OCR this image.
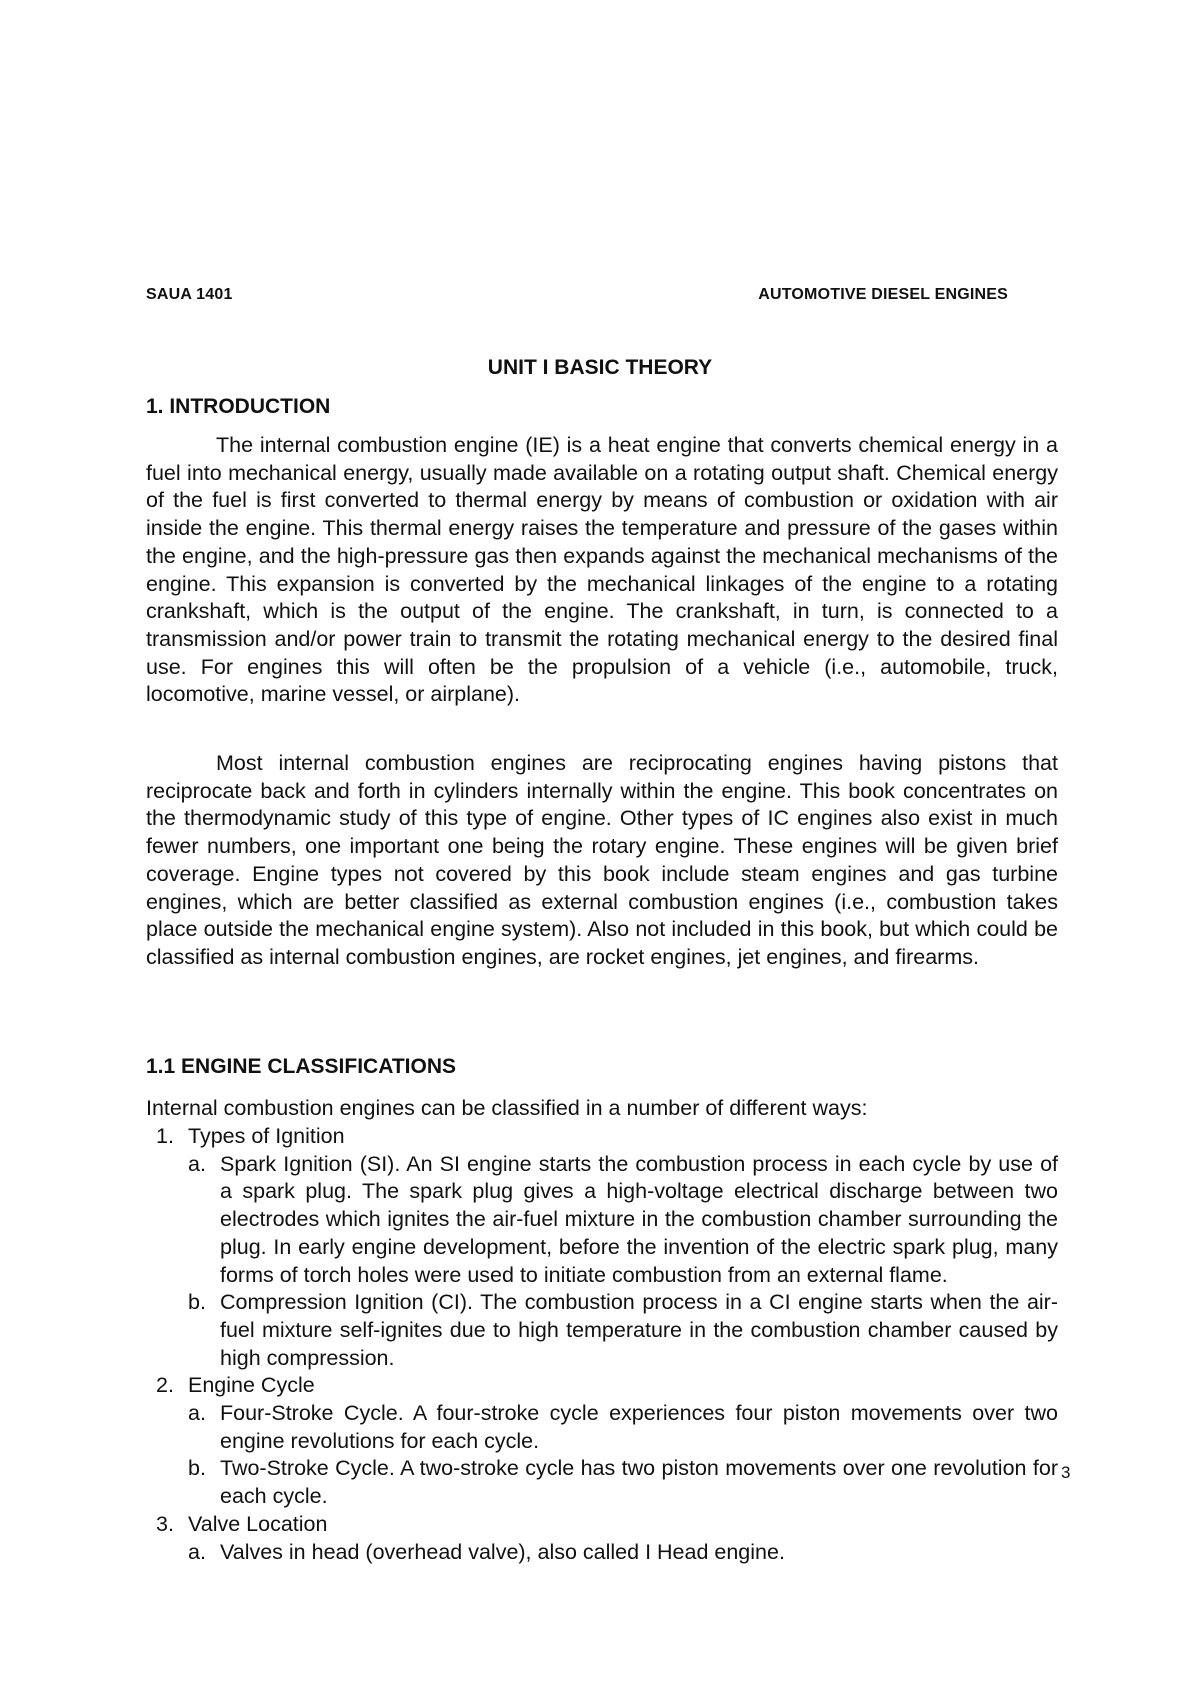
SAUA 1401	AUTOMOTIVE DIESEL ENGINES
UNIT I BASIC THEORY
1. INTRODUCTION

The internal combustion engine (IE) is a heat engine that converts chemical energy in a fuel into mechanical energy, usually made available on a rotating output shaft. Chemical energy of the fuel is first converted to thermal energy by means of combustion or oxidation with air inside the engine. This thermal energy raises the temperature and pressure of the gases within the engine, and the high-pressure gas then expands against the mechanical mechanisms of the engine. This expansion is converted by the mechanical linkages of the engine to a rotating crankshaft, which is the output of the engine. The crankshaft, in turn, is connected to a transmission and/or power train to transmit the rotating mechanical energy to the desired final use. For engines this will often be the propulsion of a vehicle (i.e., automobile, truck, locomotive, marine vessel, or airplane).

Most internal combustion engines are reciprocating engines having pistons that reciprocate back and forth in cylinders internally within the engine. This book concentrates on the thermodynamic study of this type of engine. Other types of IC engines also exist in much fewer numbers, one important one being the rotary engine. These engines will be given brief coverage. Engine types not covered by this book include steam engines and gas turbine engines, which are better classified as external combustion engines (i.e., combustion takes place outside the mechanical engine system). Also not included in this book, but which could be classified as internal combustion engines, are rocket engines, jet engines, and firearms.

1.1 ENGINE CLASSIFICATIONS

Internal combustion engines can be classified in a number of different ways:

1. Types of Ignition
a. Spark Ignition (SI). An SI engine starts the combustion process in each cycle by use of a spark plug. The spark plug gives a high-voltage electrical discharge between two electrodes which ignites the air-fuel mixture in the combustion chamber surrounding the plug. In early engine development, before the invention of the electric spark plug, many forms of torch holes were used to initiate combustion from an external flame.
b. Compression Ignition (CI). The combustion process in a CI engine starts when the air-fuel mixture self-ignites due to high temperature in the combustion chamber caused by high compression.
2. Engine Cycle
a. Four-Stroke Cycle. A four-stroke cycle experiences four piston movements over two engine revolutions for each cycle.
b. Two-Stroke Cycle. A two-stroke cycle has two piston movements over one revolution for each cycle.
3. Valve Location
a. Valves in head (overhead valve), also called I Head engine.
3
